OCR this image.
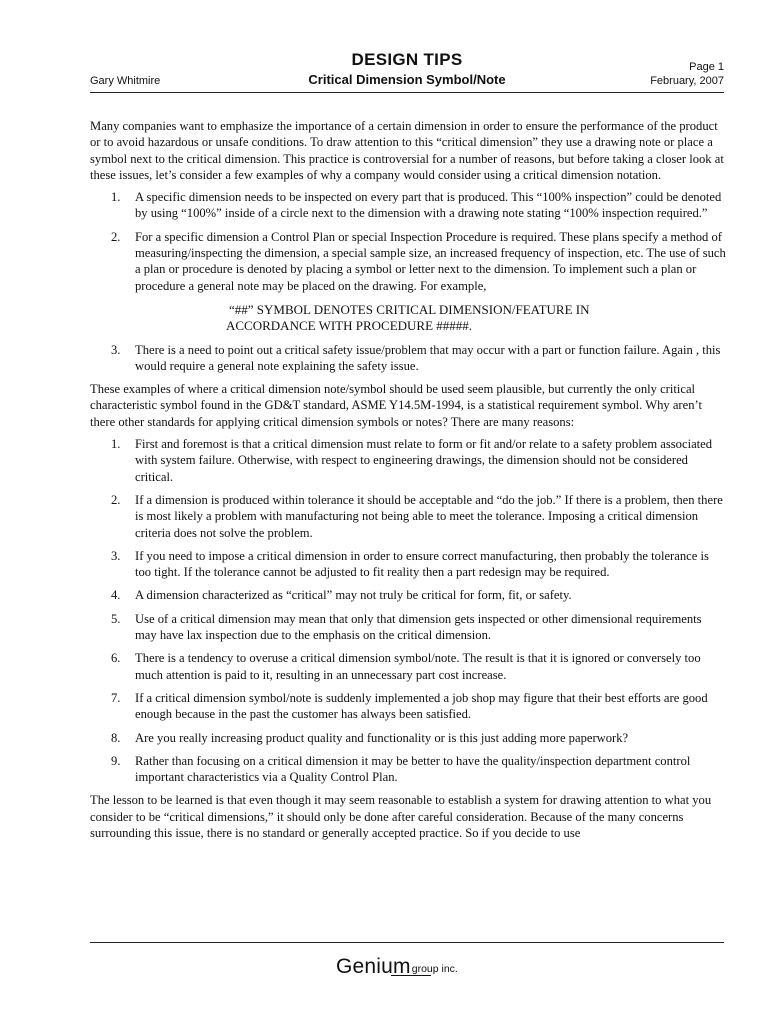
DESIGN TIPS
Critical Dimension Symbol/Note
Gary Whitmire
Page 1
February, 2007

Many companies want to emphasize the importance of a certain dimension in order to ensure the performance of the product or to avoid hazardous or unsafe conditions. To draw attention to this “critical dimension” they use a drawing note or place a symbol next to the critical dimension. This practice is controversial for a number of reasons, but before taking a closer look at these issues, let’s consider a few examples of why a company would consider using a critical dimension notation.

1. A specific dimension needs to be inspected on every part that is produced. This “100% inspection” could be denoted by using “100%” inside of a circle next to the dimension with a drawing note stating “100% inspection required.”
2. For a specific dimension a Control Plan or special Inspection Procedure is required. These plans specify a method of measuring/inspecting the dimension, a special sample size, an increased frequency of inspection, etc. The use of such a plan or procedure is denoted by placing a symbol or letter next to the dimension. To implement such a plan or procedure a general note may be placed on the drawing. For example,
“##” SYMBOL DENOTES CRITICAL DIMENSION/FEATURE IN
ACCORDANCE WITH PROCEDURE #####.
3. There is a need to point out a critical safety issue/problem that may occur with a part or function failure. Again , this would require a general note explaining the safety issue.

These examples of where a critical dimension note/symbol should be used seem plausible, but currently the only critical characteristic symbol found in the GD&T standard, ASME Y14.5M-1994, is a statistical requirement symbol. Why aren’t there other standards for applying critical dimension symbols or notes? There are many reasons:

1. First and foremost is that a critical dimension must relate to form or fit and/or relate to a safety problem associated with system failure. Otherwise, with respect to engineering drawings, the dimension should not be considered critical.
2. If a dimension is produced within tolerance it should be acceptable and “do the job.” If there is a problem, then there is most likely a problem with manufacturing not being able to meet the tolerance. Imposing a critical dimension criteria does not solve the problem.
3. If you need to impose a critical dimension in order to ensure correct manufacturing, then probably the tolerance is too tight. If the tolerance cannot be adjusted to fit reality then a part redesign may be required.
4. A dimension characterized as “critical” may not truly be critical for form, fit, or safety.
5. Use of a critical dimension may mean that only that dimension gets inspected or other dimensional requirements may have lax inspection due to the emphasis on the critical dimension.
6. There is a tendency to overuse a critical dimension symbol/note. The result is that it is ignored or conversely too much attention is paid to it, resulting in an unnecessary part cost increase.
7. If a critical dimension symbol/note is suddenly implemented a job shop may figure that their best efforts are good enough because in the past the customer has always been satisfied.
8. Are you really increasing product quality and functionality or is this just adding more paperwork?
9. Rather than focusing on a critical dimension it may be better to have the quality/inspection department control important characteristics via a Quality Control Plan.

The lesson to be learned is that even though it may seem reasonable to establish a system for drawing attention to what you consider to be “critical dimensions,” it should only be done after careful consideration. Because of the many concerns surrounding this issue, there is no standard or generally accepted practice. So if you decide to use

Geniumgroup inc.
